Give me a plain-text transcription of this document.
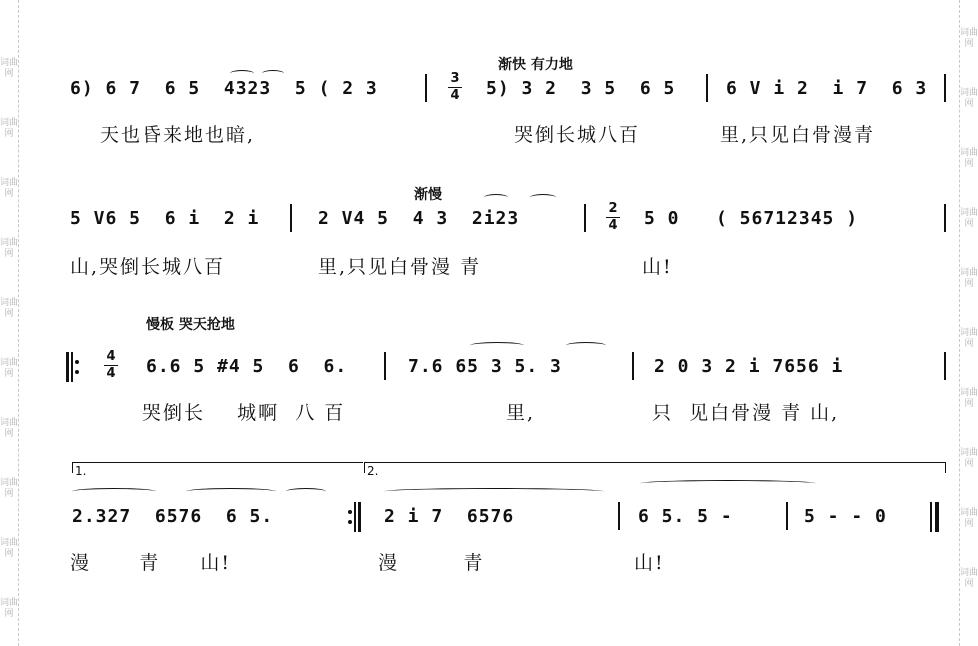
词曲网
词曲网
词曲网
词曲网
词曲网
词曲网
词曲网
词曲网
词曲网
词曲网
词曲网
词曲网
词曲网
词曲网
词曲网
词曲网
词曲网
词曲网
词曲网
词曲网
渐快 有力地
6) 6 7  6 5  4323  5 ( 2 3	3
4 5) 3 2  3 5  6 5	6 V i 2  i 7  6 3
天也昏来地也暗,	哭倒长城八百	里,只见白骨漫青
渐慢
5 V6 5  6 i  2 i	2 V4 5  4 3  2i23	2
4 5 0 ( 56712345 )
山,哭倒长城八百	里,只见白骨漫 青	山!
慢板 哭天抢地
4
4 6.6 5 #4 5  6  6.	7.6 65 3 5. 3	2 0 3 2 i 7656 i
哭倒长    城啊  八 百	里,	只  见白骨漫 青 山,
1.	2.
2.327  6576  6 5.	2 i 7  6576	6 5. 5 -	5 - - 0
漫      青     山!	漫        青	山!
